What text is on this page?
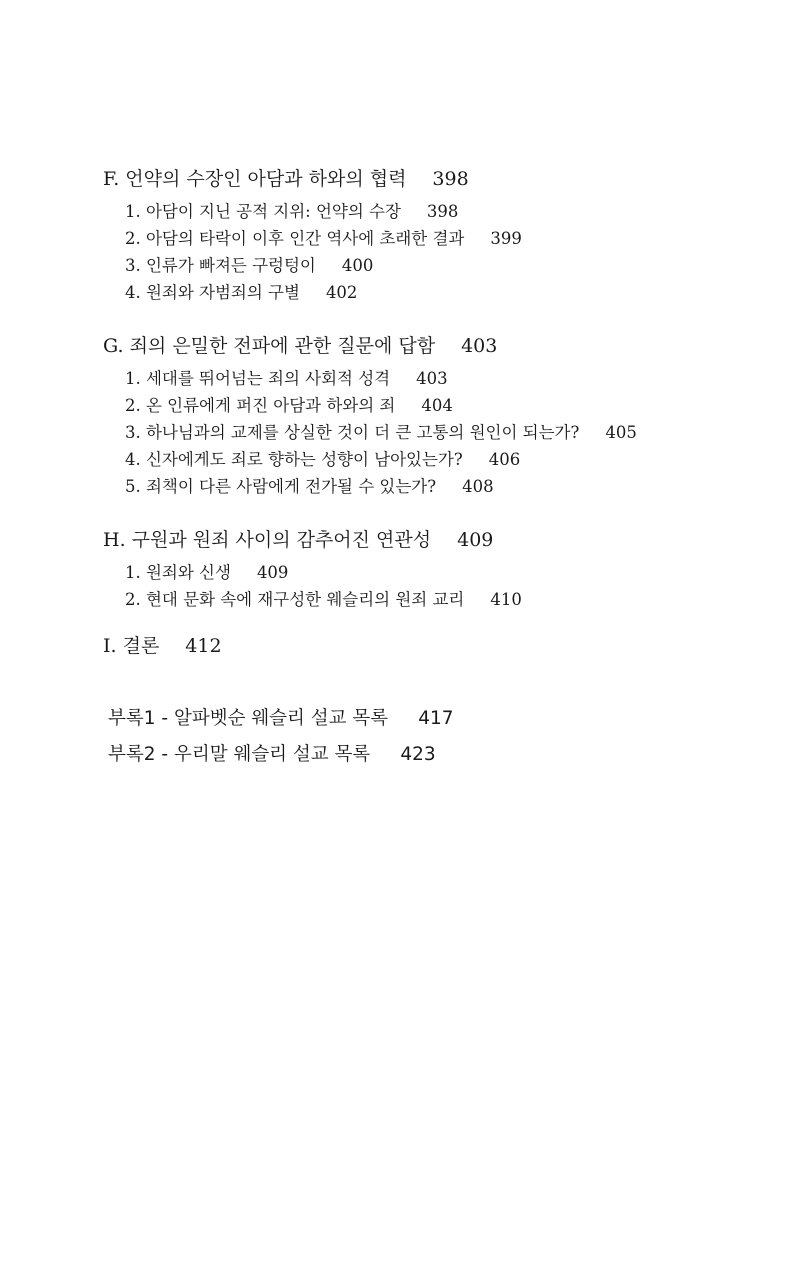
F. 언약의 수장인 아담과 하와의 협력 398
1. 아담이 지닌 공적 지위: 언약의 수장 398
2. 아담의 타락이 이후 인간 역사에 초래한 결과 399
3. 인류가 빠져든 구렁텅이 400
4. 원죄와 자범죄의 구별 402
G. 죄의 은밀한 전파에 관한 질문에 답함 403
1. 세대를 뛰어넘는 죄의 사회적 성격 403
2. 온 인류에게 퍼진 아담과 하와의 죄 404
3. 하나님과의 교제를 상실한 것이 더 큰 고통의 원인이 되는가? 405
4. 신자에게도 죄로 향하는 성향이 남아있는가? 406
5. 죄책이 다른 사람에게 전가될 수 있는가? 408
H. 구원과 원죄 사이의 감추어진 연관성 409
1. 원죄와 신생 409
2. 현대 문화 속에 재구성한 웨슬리의 원죄 교리 410
I. 결론 412
부록1 - 알파벳순 웨슬리 설교 목록 417
부록2 - 우리말 웨슬리 설교 목록 423
